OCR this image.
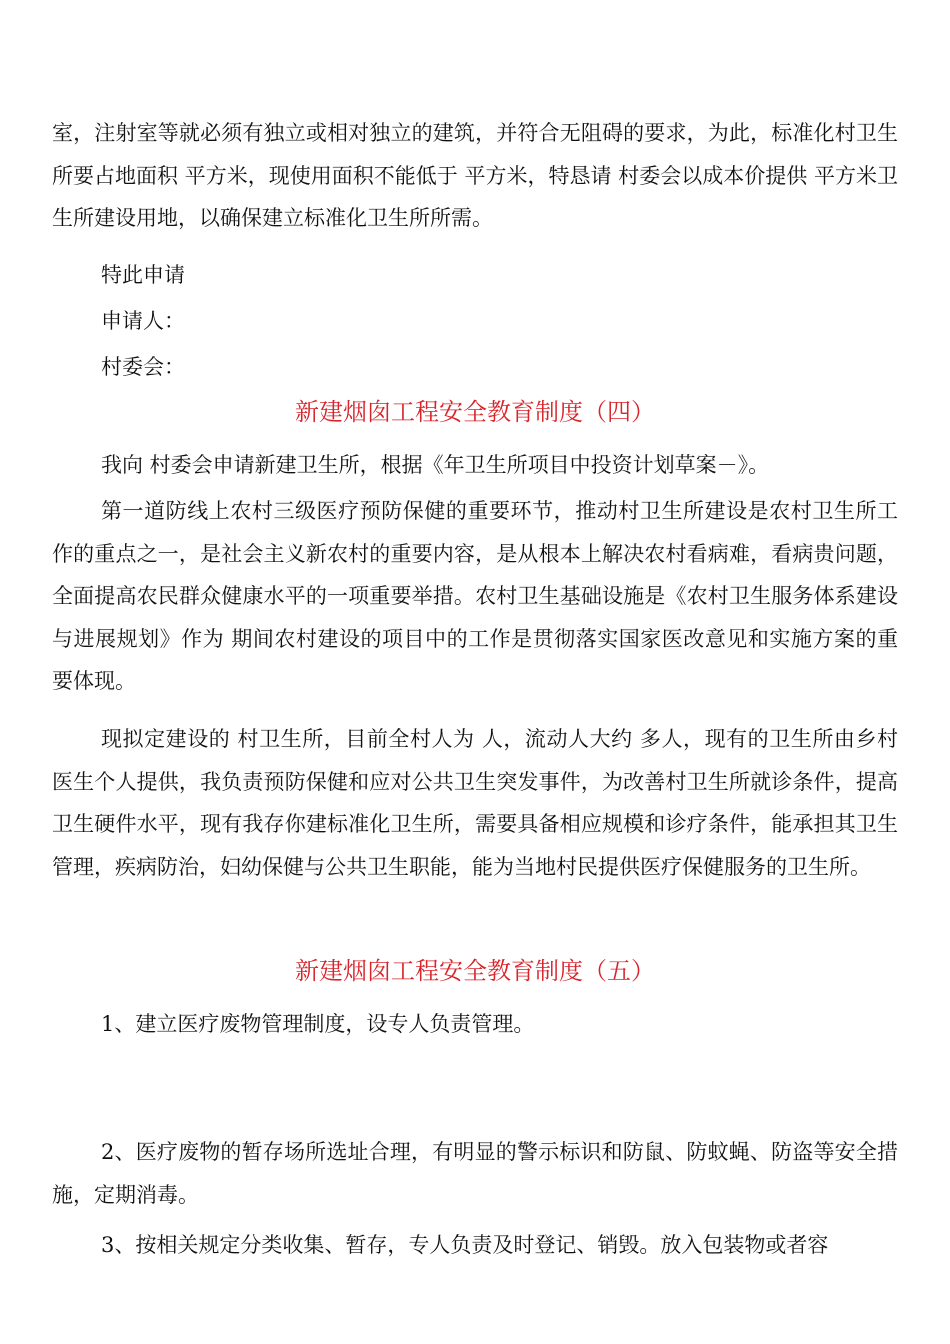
室，注射室等就必须有独立或相对独立的建筑，并符合无阻碍的要求，为此，标准化村卫生所要占地面积 平方米，现使用面积不能低于 平方米，特恳请 村委会以成本价提供 平方米卫生所建设用地，以确保建立标准化卫生所所需。

特此申请

申请人：

村委会：

新建烟囱工程安全教育制度（四）

我向 村委会申请新建卫生所，根据《年卫生所项目中投资计划草案－》。

第一道防线上农村三级医疗预防保健的重要环节，推动村卫生所建设是农村卫生所工作的重点之一，是社会主义新农村的重要内容，是从根本上解决农村看病难，看病贵问题，全面提高农民群众健康水平的一项重要举措。农村卫生基础设施是《农村卫生服务体系建设与进展规划》作为 期间农村建设的项目中的工作是贯彻落实国家医改意见和实施方案的重要体现。

现拟定建设的 村卫生所，目前全村人为 人，流动人大约 多人，现有的卫生所由乡村医生个人提供，我负责预防保健和应对公共卫生突发事件，为改善村卫生所就诊条件，提高卫生硬件水平，现有我存你建标准化卫生所，需要具备相应规模和诊疗条件，能承担其卫生管理，疾病防治，妇幼保健与公共卫生职能，能为当地村民提供医疗保健服务的卫生所。

新建烟囱工程安全教育制度（五）

1、建立医疗废物管理制度，设专人负责管理。

2、医疗废物的暂存场所选址合理，有明显的警示标识和防鼠、防蚊蝇、防盗等安全措施，定期消毒。

3、按相关规定分类收集、暂存，专人负责及时登记、销毁。放入包装物或者容
